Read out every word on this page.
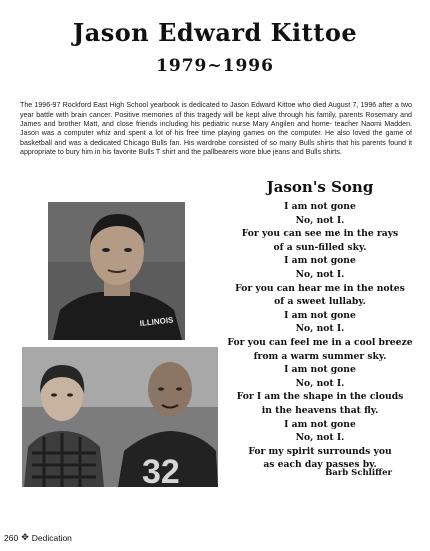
Jason Edward Kittoe
1979~1996

The 1996-97 Rockford East High School yearbook is dedicated to Jason Edward Kittoe who died August 7, 1996 after a two year battle with brain cancer. Positive memories of this tragedy will be kept alive through his family, parents Rosemary and James and brother Matt, and close friends including his pediatric nurse Mary Angilen and home- teacher Naomi Madden. Jason was a computer whiz and spent a lot of his free time playing games on the computer. He also loved the game of basketball and was a dedicated Chicago Bulls fan. His wardrobe consisted of so many Bulls shirts that his parents found it appropriate to bury him in his favorite Bulls T shirt and the pallbearers wore blue jeans and Bulls shirts.

ILLINOIS
32
Jason's Song
I am not gone
No, not I.
For you can see me in the rays
of a sun-filled sky.
I am not gone
No, not I.
For you can hear me in the notes
of a sweet lullaby.
I am not gone
No, not I.
For you can feel me in a cool breeze
from a warm summer sky.
I am not gone
No, not I.
For I am the shape in the clouds
in the heavens that fly.
I am not gone
No, not I.
For my spirit surrounds you
as each day passes by.
Barb Schliffer
260 ✥ Dedication
